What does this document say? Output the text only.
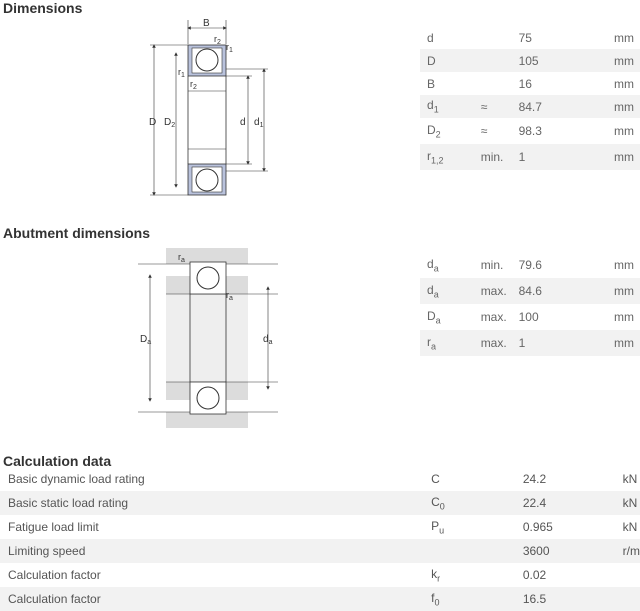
Dimensions
Abutment dimensions
Calculation data
B
$r_2$ $r_1$
$r_1$
$r_2$
D $D_2$	d $d_1$
$r_a$
$r_a$
$D_a$	$d_a$
d		75	mm
D		105	mm
B		16	mm
$d_1$	≈	84.7	mm
$D_2$	≈	98.3	mm
$r_{1,2}$	min.	1	mm
$d_a$	min.	79.6	mm
$d_a$	max.	84.6	mm
$D_a$	max.	100	mm
$r_a$	max.	1	mm
Basic dynamic load rating	C	24.2	kN
Basic static load rating	$C_0$	22.4	kN
Fatigue load limit	$P_u$	0.965	kN
Limiting speed		3600	r/m
Calculation factor	$k_r$	0.02	
Calculation factor	$f_0$	16.5	
